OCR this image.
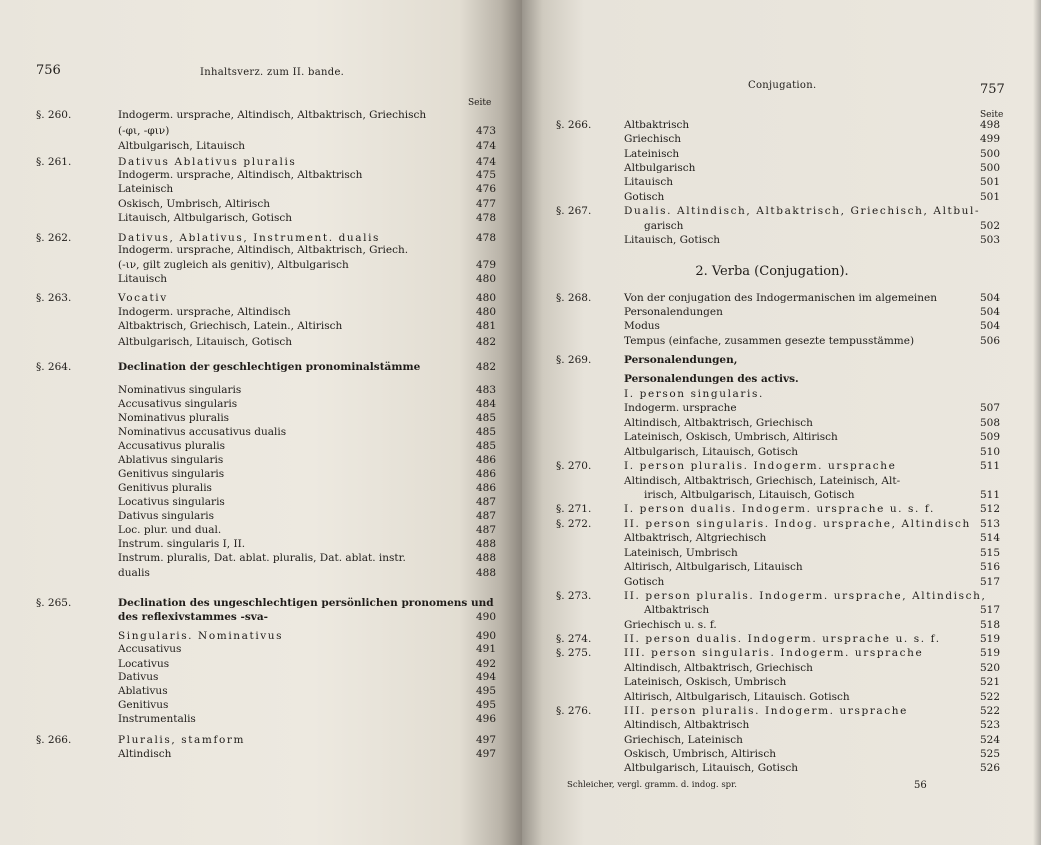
756	Inhaltsverz. zum II. bande.
Seite
§. 260.	Indogerm. ursprache, Altindisch, Altbaktrisch, Griechisch
(-φι, -φιν)	473
Altbulgarisch, Litauisch	474
§. 261.	Dativus Ablativus pluralis	474
Indogerm. ursprache, Altindisch, Altbaktrisch	475
Lateinisch	476
Oskisch, Umbrisch, Altirisch	477
Litauisch, Altbulgarisch, Gotisch	478
§. 262.	Dativus, Ablativus, Instrument. dualis	478
Indogerm. ursprache, Altindisch, Altbaktrisch, Griech.
(-ιν, gilt zugleich als genitiv), Altbulgarisch	479
Litauisch	480
§. 263.	Vocativ	480
Indogerm. ursprache, Altindisch	480
Altbaktrisch, Griechisch, Latein., Altirisch	481
Altbulgarisch, Litauisch, Gotisch	482
§. 264.	Declination der geschlechtigen pronominalstämme	482
Nominativus singularis	483
Accusativus singularis	484
Nominativus pluralis	485
Nominativus accusativus dualis	485
Accusativus pluralis	485
Ablativus singularis	486
Genitivus singularis	486
Genitivus pluralis	486
Locativus singularis	487
Dativus singularis	487
Loc. plur. und dual.	487
Instrum. singularis I, II.	488
Instrum. pluralis, Dat. ablat. pluralis, Dat. ablat. instr.	488
dualis	488
§. 265.	Declination des ungeschlechtigen persönlichen pronomens und
des reflexivstammes -sva-	490
Singularis. Nominativus	490
Accusativus	491
Locativus	492
Dativus	494
Ablativus	495
Genitivus	495
Instrumentalis	496
§. 266.	Pluralis, stamform	497
Altindisch	497
Conjugation.	757
Seite
2. Verba (Conjugation).
§. 266.	Altbaktrisch	498
Griechisch	499
Lateinisch	500
Altbulgarisch	500
Litauisch	501
Gotisch	501
§. 267.	Dualis. Altindisch, Altbaktrisch, Griechisch, Altbul-
garisch	502
Litauisch, Gotisch	503
§. 268.	Von der conjugation des Indogermanischen im algemeinen	504
Personalendungen	504
Modus	504
Tempus (einfache, zusammen gesezte tempusstämme)	506
§. 269.	Personalendungen,
Personalendungen des activs.
I. person singularis.
Indogerm. ursprache	507
Altindisch, Altbaktrisch, Griechisch	508
Lateinisch, Oskisch, Umbrisch, Altirisch	509
Altbulgarisch, Litauisch, Gotisch	510
§. 270.	I. person pluralis. Indogerm. ursprache	511
Altindisch, Altbaktrisch, Griechisch, Lateinisch, Alt-
irisch, Altbulgarisch, Litauisch, Gotisch	511
§. 271.	I. person dualis. Indogerm. ursprache u. s. f.	512
§. 272.	II. person singularis. Indog. ursprache, Altindisch 513
Altbaktrisch, Altgriechisch	514
Lateinisch, Umbrisch	515
Altirisch, Altbulgarisch, Litauisch	516
Gotisch	517
§. 273.	II. person pluralis. Indogerm. ursprache, Altindisch,
Altbaktrisch	517
Griechisch u. s. f.	518
§. 274.	II. person dualis. Indogerm. ursprache u. s. f.	519
§. 275.	III. person singularis. Indogerm. ursprache	519
Altindisch, Altbaktrisch, Griechisch	520
Lateinisch, Oskisch, Umbrisch	521
Altirisch, Altbulgarisch, Litauisch. Gotisch	522
§. 276.	III. person pluralis. Indogerm. ursprache	522
Altindisch, Altbaktrisch	523
Griechisch, Lateinisch	524
Oskisch, Umbrisch, Altirisch	525
Altbulgarisch, Litauisch, Gotisch	526
Schleicher, vergl. gramm. d. indog. spr.	56
